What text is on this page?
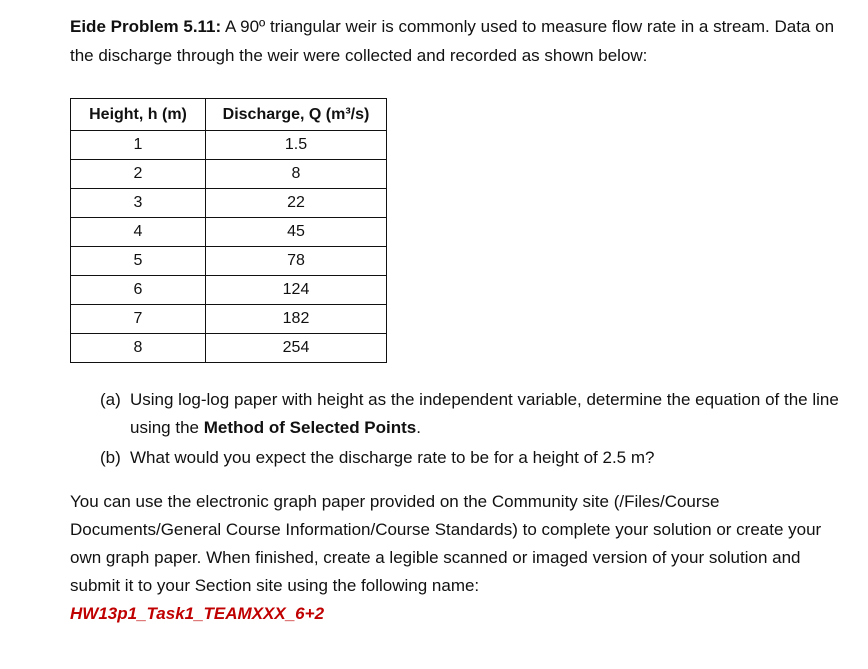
Eide Problem 5.11: A 90º triangular weir is commonly used to measure flow rate in a stream. Data on the discharge through the weir were collected and recorded as shown below:
Height, h (m)	Discharge, Q (m³/s)
1	1.5
2	8
3	22
4	45
5	78
6	124
7	182
8	254
(a) Using log-log paper with height as the independent variable, determine the equation of the line using the Method of Selected Points.
(b) What would you expect the discharge rate to be for a height of 2.5 m?
You can use the electronic graph paper provided on the Community site (/Files/Course Documents/General Course Information/Course Standards) to complete your solution or create your own graph paper. When finished, create a legible scanned or imaged version of your solution and submit it to your Section site using the following name:
HW13p1_Task1_TEAMXXX_6+2
